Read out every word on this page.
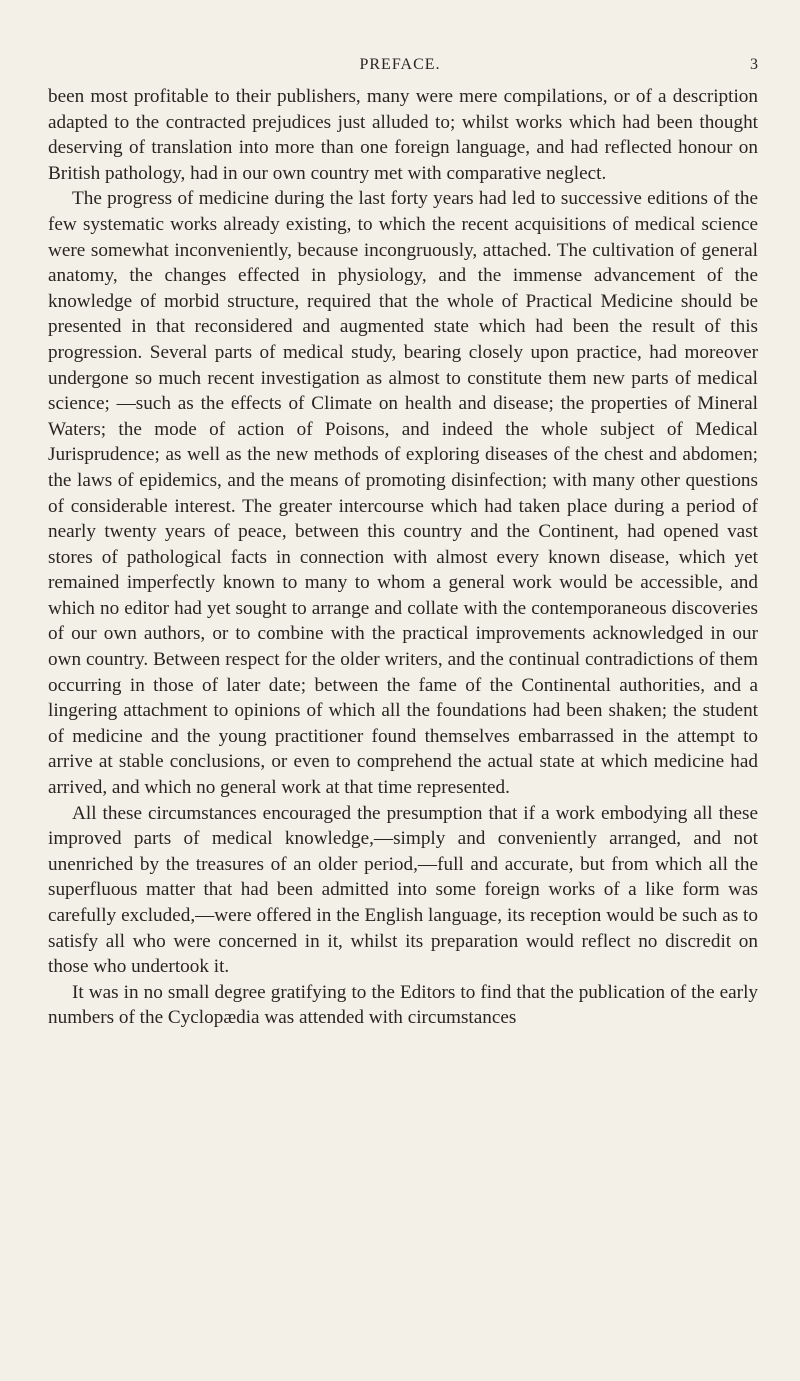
PREFACE.	3

been most profitable to their publishers, many were mere compilations, or of a description adapted to the contracted prejudices just alluded to; whilst works which had been thought deserving of translation into more than one foreign language, and had reflected honour on British pathology, had in our own country met with comparative neglect.

The progress of medicine during the last forty years had led to successive editions of the few systematic works already existing, to which the recent acquisitions of medical science were somewhat inconveniently, because incongruously, attached. The cultivation of general anatomy, the changes effected in physiology, and the immense advancement of the knowledge of morbid structure, required that the whole of Practical Medicine should be presented in that reconsidered and augmented state which had been the result of this progression. Several parts of medical study, bearing closely upon practice, had moreover undergone so much recent investigation as almost to constitute them new parts of medical science; —such as the effects of Climate on health and disease; the properties of Mineral Waters; the mode of action of Poisons, and indeed the whole subject of Medical Jurisprudence; as well as the new methods of exploring diseases of the chest and abdomen; the laws of epidemics, and the means of promoting disinfection; with many other questions of considerable interest. The greater intercourse which had taken place during a period of nearly twenty years of peace, between this country and the Continent, had opened vast stores of pathological facts in connection with almost every known disease, which yet remained imperfectly known to many to whom a general work would be accessible, and which no editor had yet sought to arrange and collate with the contemporaneous discoveries of our own authors, or to combine with the practical improvements acknowledged in our own country. Between respect for the older writers, and the continual contradictions of them occurring in those of later date; between the fame of the Continental authorities, and a lingering attachment to opinions of which all the foundations had been shaken; the student of medicine and the young practitioner found themselves embarrassed in the attempt to arrive at stable conclusions, or even to comprehend the actual state at which medicine had arrived, and which no general work at that time represented.

All these circumstances encouraged the presumption that if a work embodying all these improved parts of medical knowledge,—simply and conveniently arranged, and not unenriched by the treasures of an older period,—full and accurate, but from which all the superfluous matter that had been admitted into some foreign works of a like form was carefully excluded,—were offered in the English language, its reception would be such as to satisfy all who were concerned in it, whilst its preparation would reflect no discredit on those who undertook it.

It was in no small degree gratifying to the Editors to find that the publication of the early numbers of the Cyclopædia was attended with circumstances
